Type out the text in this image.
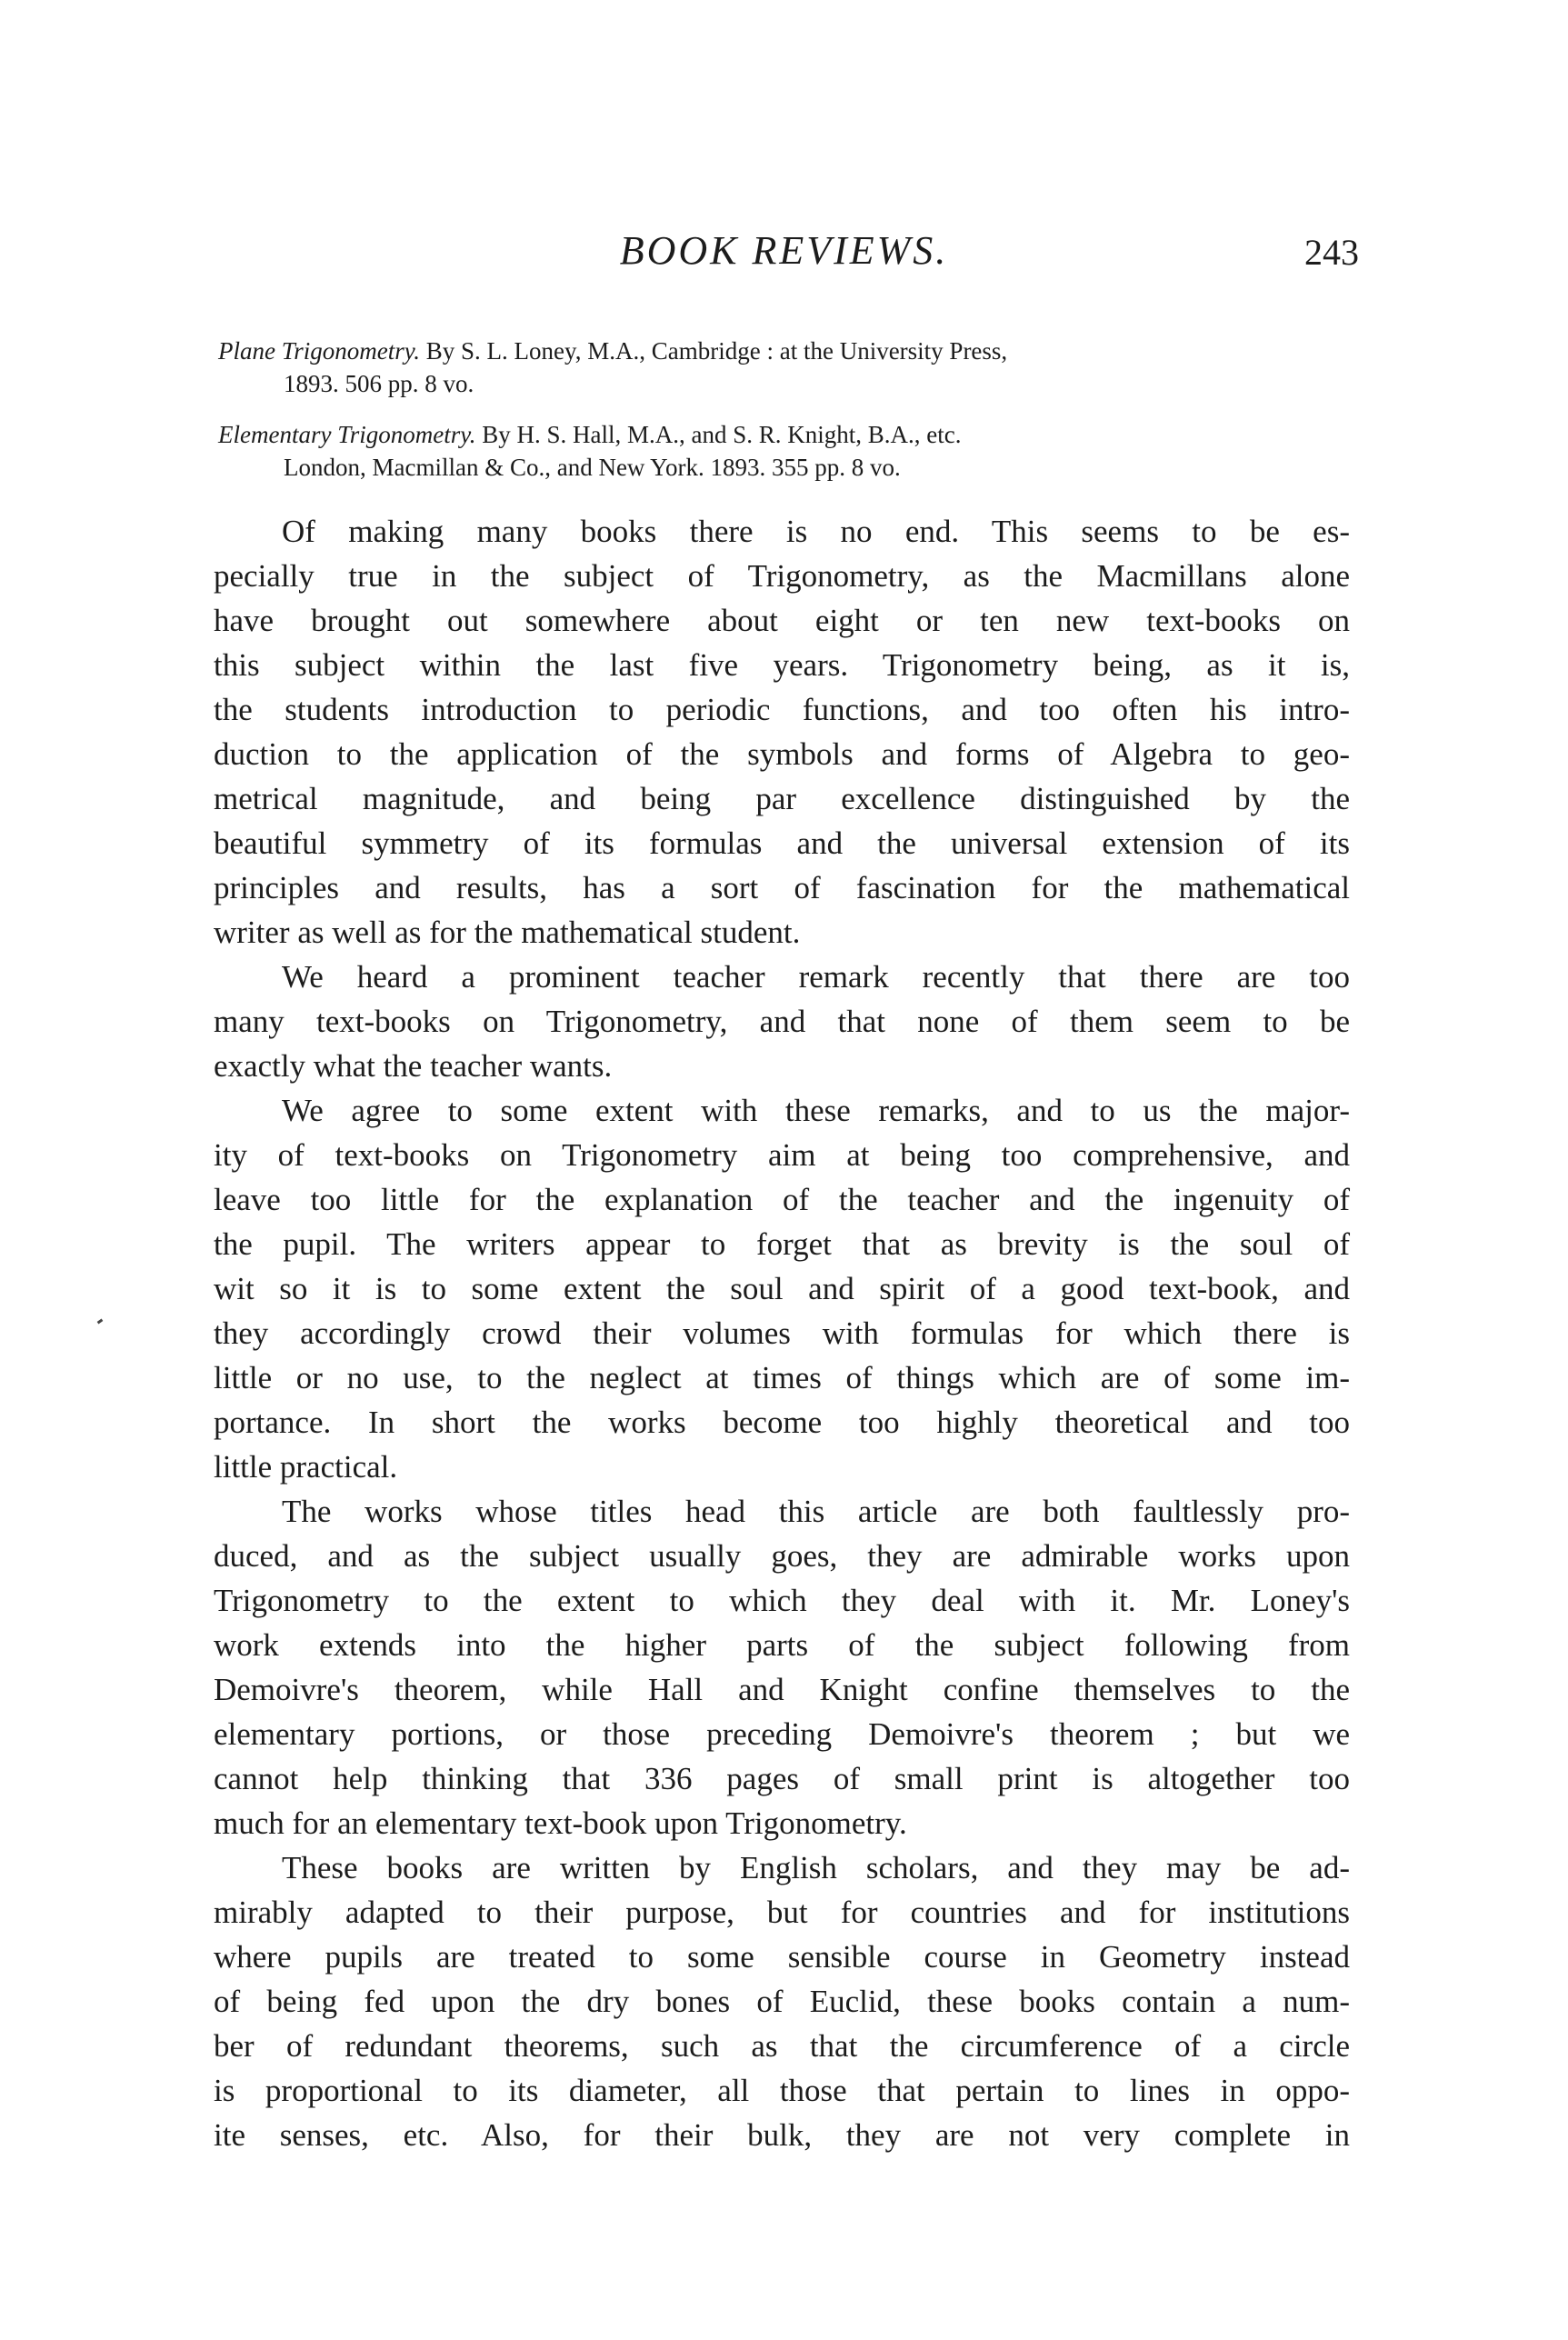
BOOK REVIEWS.	243
Plane Trigonometry. By S. L. Loney, M.A., Cambridge : at the University Press,
1893. 506 pp. 8 vo.
Elementary Trigonometry. By H. S. Hall, M.A., and S. R. Knight, B.A., etc.
London, Macmillan & Co., and New York. 1893. 355 pp. 8 vo.
Of making many books there is no end. This seems to be es-
pecially true in the subject of Trigonometry, as the Macmillans alone
have brought out somewhere about eight or ten new text-books on
this subject within the last five years. Trigonometry being, as it is,
the students introduction to periodic functions, and too often his intro-
duction to the application of the symbols and forms of Algebra to geo-
metrical magnitude, and being par excellence distinguished by the
beautiful symmetry of its formulas and the universal extension of its
principles and results, has a sort of fascination for the mathematical
writer as well as for the mathematical student.
We heard a prominent teacher remark recently that there are too
many text-books on Trigonometry, and that none of them seem to be
exactly what the teacher wants.
We agree to some extent with these remarks, and to us the major-
ity of text-books on Trigonometry aim at being too comprehensive, and
leave too little for the explanation of the teacher and the ingenuity of
the pupil. The writers appear to forget that as brevity is the soul of
wit so it is to some extent the soul and spirit of a good text-book, and
they accordingly crowd their volumes with formulas for which there is
little or no use, to the neglect at times of things which are of some im-
portance. In short the works become too highly theoretical and too
little practical.
The works whose titles head this article are both faultlessly pro-
duced, and as the subject usually goes, they are admirable works upon
Trigonometry to the extent to which they deal with it. Mr. Loney's
work extends into the higher parts of the subject following from
Demoivre's theorem, while Hall and Knight confine themselves to the
elementary portions, or those preceding Demoivre's theorem ; but we
cannot help thinking that 336 pages of small print is altogether too
much for an elementary text-book upon Trigonometry.
These books are written by English scholars, and they may be ad-
mirably adapted to their purpose, but for countries and for institutions
where pupils are treated to some sensible course in Geometry instead
of being fed upon the dry bones of Euclid, these books contain a num-
ber of redundant theorems, such as that the circumference of a circle
is proportional to its diameter, all those that pertain to lines in oppo-
ite senses, etc. Also, for their bulk, they are not very complete in
